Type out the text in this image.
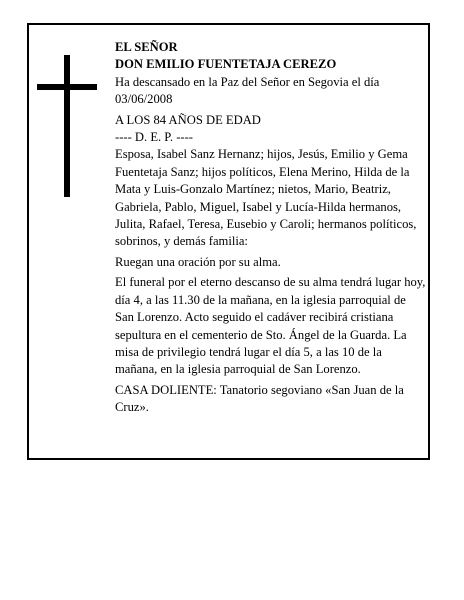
EL SEÑOR

DON EMILIO FUENTETAJA CEREZO

Ha descansado en la Paz del Señor en Segovia el día 03/06/2008

A LOS 84 AÑOS DE EDAD

---- D. E. P. ----

Esposa, Isabel Sanz Hernanz; hijos, Jesús, Emilio y Gema Fuentetaja Sanz; hijos políticos, Elena Merino, Hilda de la Mata y Luis-Gonzalo Martínez; nietos, Mario, Beatriz, Gabriela, Pablo, Miguel, Isabel y Lucía-Hilda hermanos, Julita, Rafael, Teresa, Eusebio y Caroli; hermanos políticos, sobrinos, y demás familia:

Ruegan una oración por su alma.

El funeral por el eterno descanso de su alma tendrá lugar hoy, día 4, a las 11.30 de la mañana, en la iglesia parroquial de San Lorenzo. Acto seguido el cadáver recibirá cristiana sepultura en el cementerio de Sto. Ángel de la Guarda. La misa de privilegio tendrá lugar el día 5, a las 10 de la mañana, en la iglesia parroquial de San Lorenzo.

CASA DOLIENTE: Tanatorio segoviano «San Juan de la Cruz».
